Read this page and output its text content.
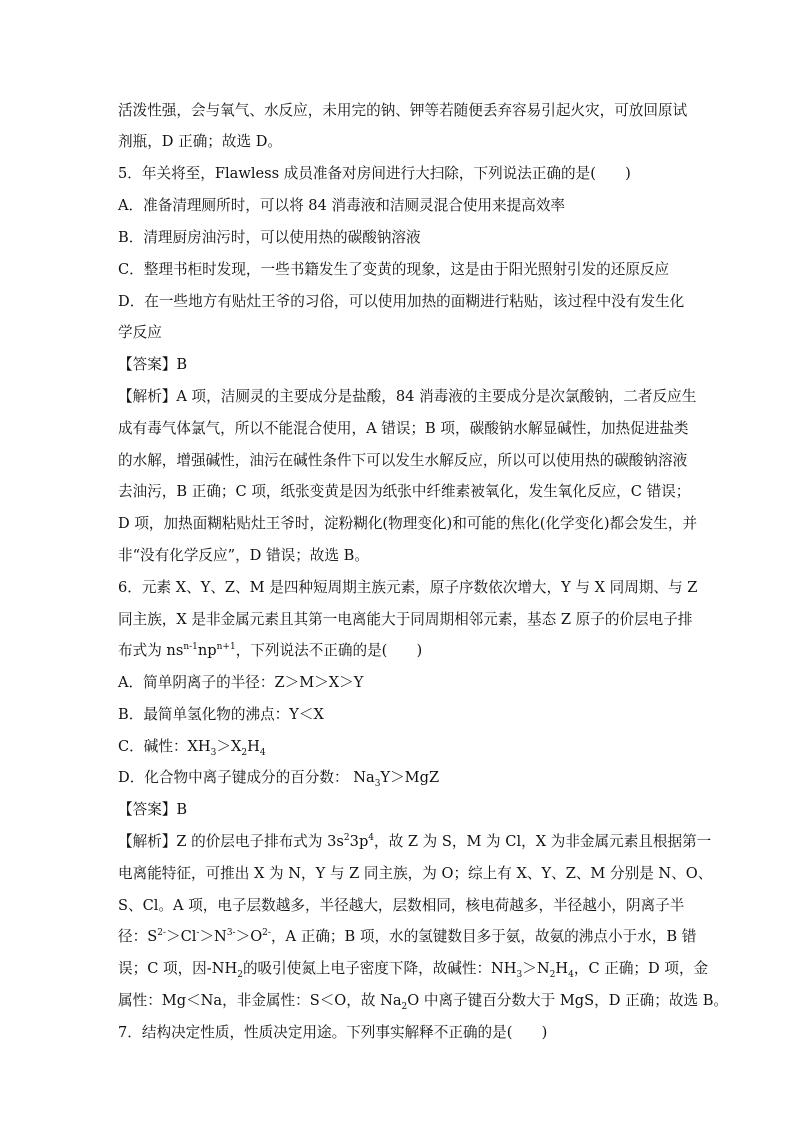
活泼性强，会与氧气、水反应，未用完的钠、钾等若随便丢弃容易引起火灾，可放回原试
剂瓶，D 正确；故选 D。
5．年关将至，Flawless 成员准备对房间进行大扫除，下列说法正确的是(　　)
A．准备清理厕所时，可以将 84 消毒液和洁厕灵混合使用来提高效率
B．清理厨房油污时，可以使用热的碳酸钠溶液
C．整理书柜时发现，一些书籍发生了变黄的现象，这是由于阳光照射引发的还原反应
D．在一些地方有贴灶王爷的习俗，可以使用加热的面糊进行粘贴，该过程中没有发生化
学反应
【答案】B
【解析】A 项，洁厕灵的主要成分是盐酸，84 消毒液的主要成分是次氯酸钠，二者反应生
成有毒气体氯气，所以不能混合使用，A 错误；B 项，碳酸钠水解显碱性，加热促进盐类
的水解，增强碱性，油污在碱性条件下可以发生水解反应，所以可以使用热的碳酸钠溶液
去油污，B 正确；C 项，纸张变黄是因为纸张中纤维素被氧化，发生氧化反应，C 错误；
D 项，加热面糊粘贴灶王爷时，淀粉糊化(物理变化)和可能的焦化(化学变化)都会发生，并
非“没有化学反应”，D 错误；故选 B。
6．元素 X、Y、Z、M 是四种短周期主族元素，原子序数依次增大，Y 与 X 同周期、与 Z
同主族，X 是非金属元素且其第一电离能大于同周期相邻元素，基态 Z 原子的价层电子排
布式为 $ns^{n-1}np^{n+1}$，下列说法不正确的是(　　)
A．简单阴离子的半径：Z＞M＞X＞Y
B．最简单氢化物的沸点：Y＜X
C．碱性：$XH_3>X_2H_4$
D．化合物中离子键成分的百分数： $Na_3Y>MgZ$
【答案】B
【解析】Z 的价层电子排布式为 $3s^23p^4$，故 Z 为 S，M 为 Cl，X 为非金属元素且根据第一
电离能特征，可推出 X 为 N，Y 与 Z 同主族，为 O；综上有 X、Y、Z、M 分别是 N、O、
S、Cl。A 项，电子层数越多，半径越大，层数相同，核电荷越多，半径越小，阴离子半
径：$S^{2-}>Cl^->N^{3-}>O^{2-}$，A 正确；B 项，水的氢键数目多于氨，故氨的沸点小于水，B 错
误；C 项，因$-NH_2$的吸引使氮上电子密度下降，故碱性：$NH_3>N_2H_4$，C 正确；D 项，金
属性：Mg＜Na，非金属性：S＜O，故 $Na_2O$ 中离子键百分数大于 MgS，D 正确；故选 B。
7．结构决定性质，性质决定用途。下列事实解释不正确的是(　　)
